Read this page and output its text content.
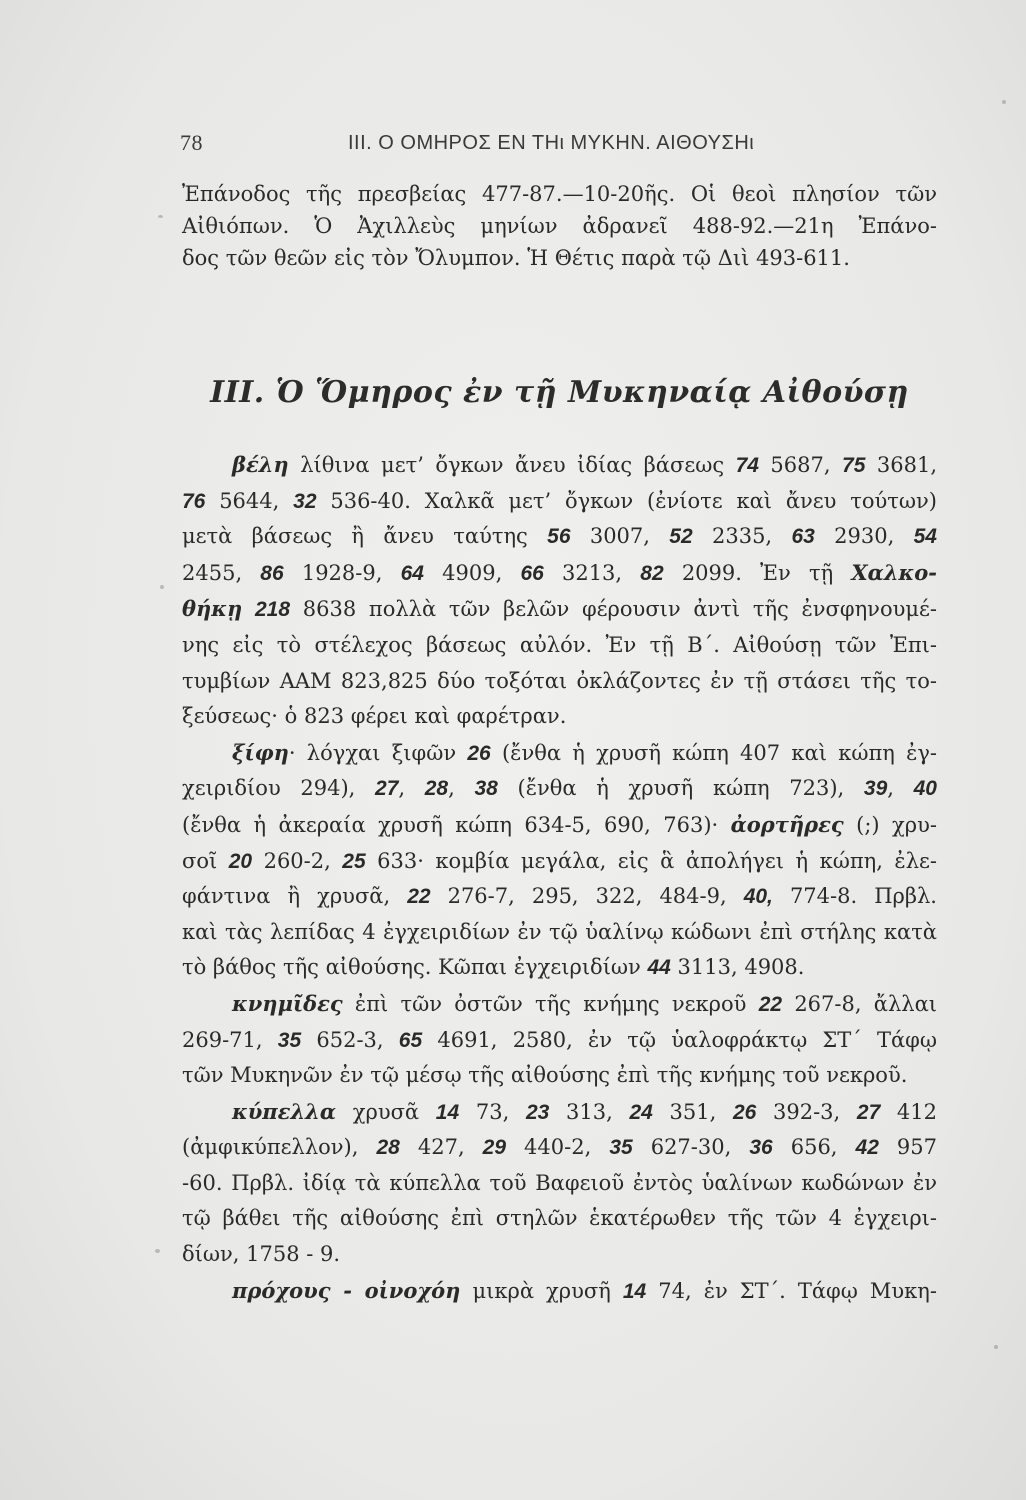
78	III. Ο ΟΜΗΡΟΣ ΕΝ ΤΗι ΜΥΚΗΝ. ΑΙΘΟΥΣΗι
Ἐπάνοδος τῆς πρεσβείας 477-87.—10-20ῆς. Οἱ θεοὶ πλησίον τῶν
Αἰθιόπων. Ὁ Ἀχιλλεὺς μηνίων ἀδρανεῖ 488-92.—21η Ἐπάνο-
δος τῶν θεῶν εἰς τὸν Ὄλυμπον. Ἡ Θέτις παρὰ τῷ Διὶ 493-611.
III. Ὁ Ὅμηρος ἐν τῇ Μυκηναίᾳ Αἰθούσῃ
βέλη λίθινα μετ’ ὄγκων ἄνευ ἰδίας βάσεως 74 5687, 75 3681,
76 5644, 32 536-40. Χαλκᾶ μετ’ ὄγκων (ἐνίοτε καὶ ἄνευ τούτων)
μετὰ βάσεως ἢ ἄνευ ταύτης 56 3007, 52 2335, 63 2930, 54
2455, 86 1928-9, 64 4909, 66 3213, 82 2099. Ἐν τῇ Χαλκο-
θήκῃ 218 8638 πολλὰ τῶν βελῶν φέρουσιν ἀντὶ τῆς ἐνσφηνουμέ-
νης εἰς τὸ στέλεχος βάσεως αὐλόν. Ἐν τῇ Β΄. Αἰθούσῃ τῶν Ἐπι-
τυμβίων ΑΑΜ 823,825 δύο τοξόται ὀκλάζοντες ἐν τῇ στάσει τῆς το-
ξεύσεως· ὁ 823 φέρει καὶ φαρέτραν.
ξίφη· λόγχαι ξιφῶν 26 (ἔνθα ἡ χρυσῆ κώπη 407 καὶ κώπη ἐγ-
χειριδίου 294), 27, 28, 38 (ἔνθα ἡ χρυσῆ κώπη 723), 39, 40
(ἔνθα ἡ ἀκεραία χρυσῆ κώπη 634-5, 690, 763)· ἀορτῆρες (;) χρυ-
σοῖ 20 260-2, 25 633· κομβία μεγάλα, εἰς ἃ ἀπολήγει ἡ κώπη, ἐλε-
φάντινα ἢ χρυσᾶ, 22 276-7, 295, 322, 484-9, 40, 774-8. Πρβλ.
καὶ τὰς λεπίδας 4 ἐγχειριδίων ἐν τῷ ὑαλίνῳ κώδωνι ἐπὶ στήλης κατὰ
τὸ βάθος τῆς αἰθούσης. Κῶπαι ἐγχειριδίων 44 3113, 4908.
κνημῖδες ἐπὶ τῶν ὀστῶν τῆς κνήμης νεκροῦ 22 267-8, ἄλλαι
269-71, 35 652-3, 65 4691, 2580, ἐν τῷ ὑαλοφράκτῳ ΣΤ΄ Τάφῳ
τῶν Μυκηνῶν ἐν τῷ μέσῳ τῆς αἰθούσης ἐπὶ τῆς κνήμης τοῦ νεκροῦ.
κύπελλα χρυσᾶ 14 73, 23 313, 24 351, 26 392-3, 27 412
(ἀμφικύπελλον), 28 427, 29 440-2, 35 627-30, 36 656, 42 957
-60. Πρβλ. ἰδίᾳ τὰ κύπελλα τοῦ Βαφειοῦ ἐντὸς ὑαλίνων κωδώνων ἐν
τῷ βάθει τῆς αἰθούσης ἐπὶ στηλῶν ἑκατέρωθεν τῆς τῶν 4 ἐγχειρι-
δίων, 1758 - 9.
πρόχους - οἰνοχόη μικρὰ χρυσῆ 14 74, ἐν ΣΤ΄. Τάφῳ Μυκη-
